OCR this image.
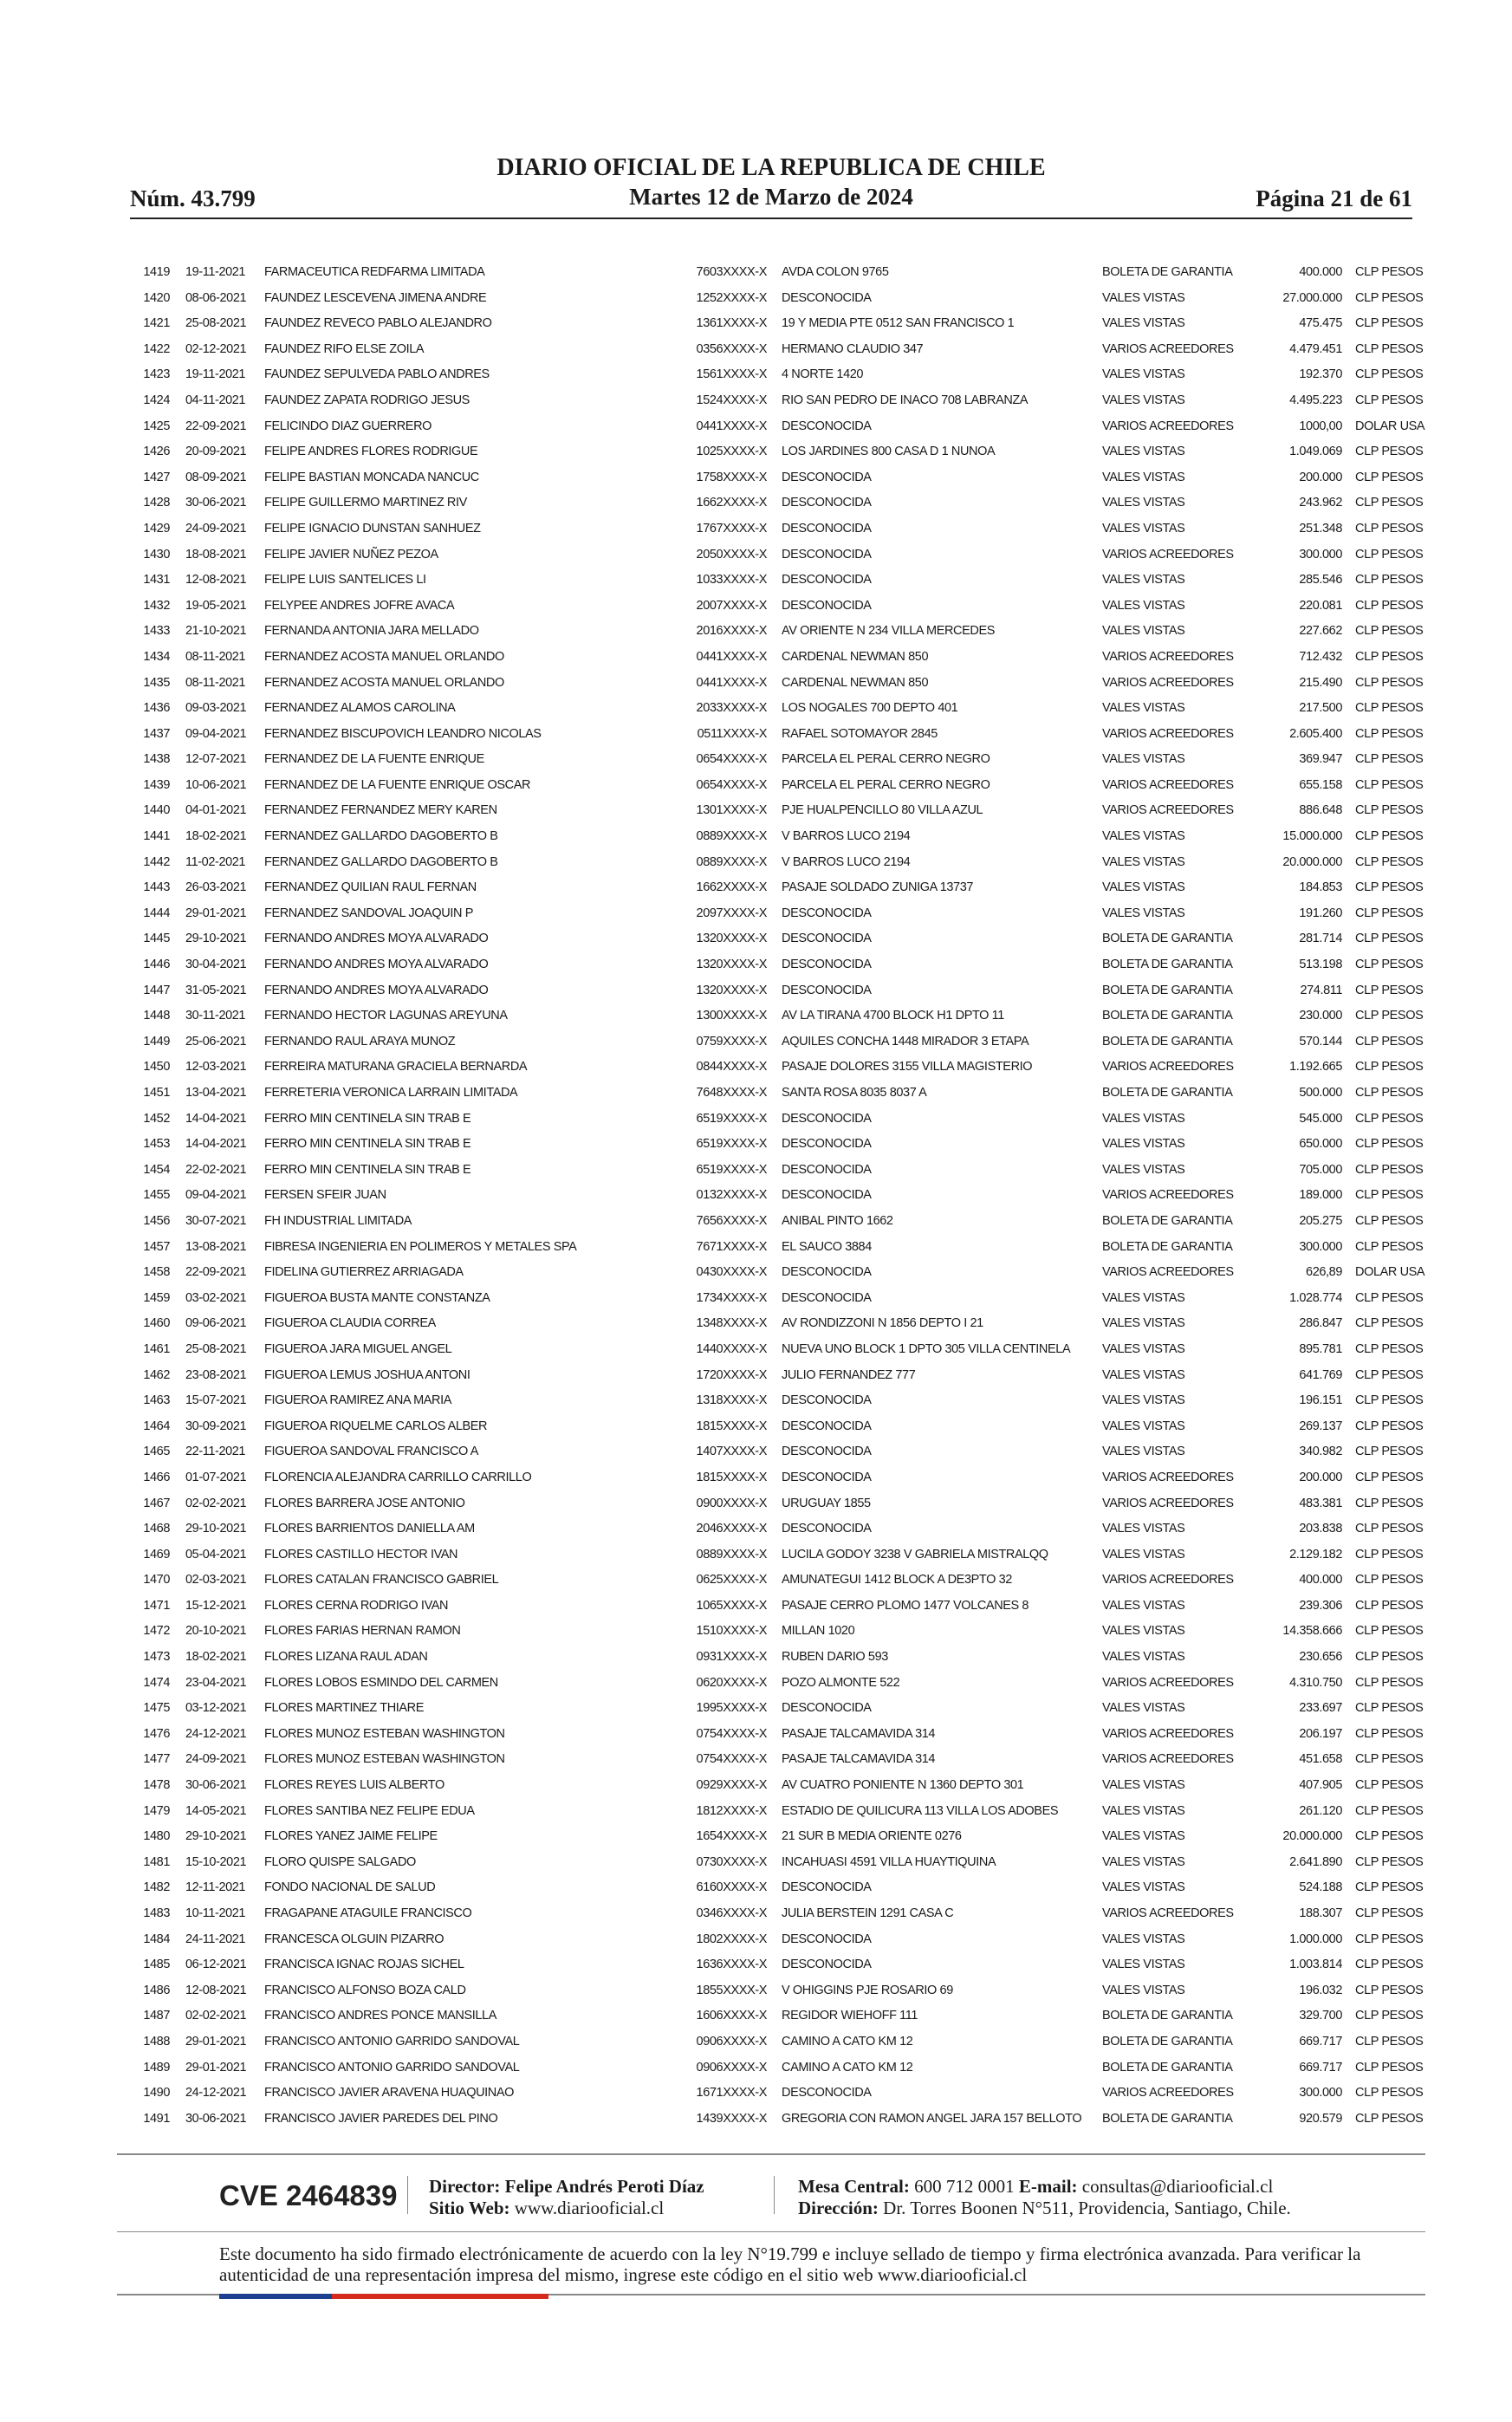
DIARIO OFICIAL DE LA REPUBLICA DE CHILE
Núm. 43.799	Martes 12 de Marzo de 2024	Página 21 de 61
1419 19-11-2021 FARMACEUTICA REDFARMA LIMITADA	7603XXXX-X AVDA COLON 9765	BOLETA DE GARANTIA	400.000 CLP PESOS
1420 08-06-2021 FAUNDEZ LESCEVENA JIMENA ANDRE	1252XXXX-X DESCONOCIDA	VALES VISTAS	27.000.000 CLP PESOS
1421 25-08-2021 FAUNDEZ REVECO PABLO ALEJANDRO	1361XXXX-X 19 Y MEDIA PTE 0512 SAN FRANCISCO 1	VALES VISTAS	475.475 CLP PESOS
1422 02-12-2021 FAUNDEZ RIFO ELSE ZOILA	0356XXXX-X HERMANO CLAUDIO 347	VARIOS ACREEDORES	4.479.451 CLP PESOS
1423 19-11-2021 FAUNDEZ SEPULVEDA PABLO ANDRES	1561XXXX-X 4 NORTE 1420	VALES VISTAS	192.370 CLP PESOS
1424 04-11-2021 FAUNDEZ ZAPATA RODRIGO JESUS	1524XXXX-X RIO SAN PEDRO DE INACO 708 LABRANZA	VALES VISTAS	4.495.223 CLP PESOS
1425 22-09-2021 FELICINDO DIAZ GUERRERO	0441XXXX-X DESCONOCIDA	VARIOS ACREEDORES	1000,00 DOLAR USA
1426 20-09-2021 FELIPE ANDRES FLORES RODRIGUE	1025XXXX-X LOS JARDINES 800 CASA D 1 NUNOA	VALES VISTAS	1.049.069 CLP PESOS
1427 08-09-2021 FELIPE BASTIAN MONCADA NANCUC	1758XXXX-X DESCONOCIDA	VALES VISTAS	200.000 CLP PESOS
1428 30-06-2021 FELIPE GUILLERMO MARTINEZ RIV	1662XXXX-X DESCONOCIDA	VALES VISTAS	243.962 CLP PESOS
1429 24-09-2021 FELIPE IGNACIO DUNSTAN SANHUEZ	1767XXXX-X DESCONOCIDA	VALES VISTAS	251.348 CLP PESOS
1430 18-08-2021 FELIPE JAVIER NUÑEZ PEZOA	2050XXXX-X DESCONOCIDA	VARIOS ACREEDORES	300.000 CLP PESOS
1431 12-08-2021 FELIPE LUIS SANTELICES LI	1033XXXX-X DESCONOCIDA	VALES VISTAS	285.546 CLP PESOS
1432 19-05-2021 FELYPEE ANDRES JOFRE AVACA	2007XXXX-X DESCONOCIDA	VALES VISTAS	220.081 CLP PESOS
1433 21-10-2021 FERNANDA ANTONIA JARA MELLADO	2016XXXX-X AV ORIENTE N 234 VILLA MERCEDES	VALES VISTAS	227.662 CLP PESOS
1434 08-11-2021 FERNANDEZ ACOSTA MANUEL ORLANDO	0441XXXX-X CARDENAL NEWMAN 850	VARIOS ACREEDORES	712.432 CLP PESOS
1435 08-11-2021 FERNANDEZ ACOSTA MANUEL ORLANDO	0441XXXX-X CARDENAL NEWMAN 850	VARIOS ACREEDORES	215.490 CLP PESOS
1436 09-03-2021 FERNANDEZ ALAMOS CAROLINA	2033XXXX-X LOS NOGALES 700 DEPTO 401	VALES VISTAS	217.500 CLP PESOS
1437 09-04-2021 FERNANDEZ BISCUPOVICH LEANDRO NICOLAS	0511XXXX-X RAFAEL SOTOMAYOR 2845	VARIOS ACREEDORES	2.605.400 CLP PESOS
1438 12-07-2021 FERNANDEZ DE LA FUENTE ENRIQUE	0654XXXX-X PARCELA EL PERAL CERRO NEGRO	VALES VISTAS	369.947 CLP PESOS
1439 10-06-2021 FERNANDEZ DE LA FUENTE ENRIQUE OSCAR	0654XXXX-X PARCELA EL PERAL CERRO NEGRO	VARIOS ACREEDORES	655.158 CLP PESOS
1440 04-01-2021 FERNANDEZ FERNANDEZ MERY KAREN	1301XXXX-X PJE HUALPENCILLO 80 VILLA AZUL	VARIOS ACREEDORES	886.648 CLP PESOS
1441 18-02-2021 FERNANDEZ GALLARDO DAGOBERTO B	0889XXXX-X V BARROS LUCO 2194	VALES VISTAS	15.000.000 CLP PESOS
1442 11-02-2021 FERNANDEZ GALLARDO DAGOBERTO B	0889XXXX-X V BARROS LUCO 2194	VALES VISTAS	20.000.000 CLP PESOS
1443 26-03-2021 FERNANDEZ QUILIAN RAUL FERNAN	1662XXXX-X PASAJE SOLDADO ZUNIGA 13737	VALES VISTAS	184.853 CLP PESOS
1444 29-01-2021 FERNANDEZ SANDOVAL JOAQUIN P	2097XXXX-X DESCONOCIDA	VALES VISTAS	191.260 CLP PESOS
1445 29-10-2021 FERNANDO ANDRES MOYA ALVARADO	1320XXXX-X DESCONOCIDA	BOLETA DE GARANTIA	281.714 CLP PESOS
1446 30-04-2021 FERNANDO ANDRES MOYA ALVARADO	1320XXXX-X DESCONOCIDA	BOLETA DE GARANTIA	513.198 CLP PESOS
1447 31-05-2021 FERNANDO ANDRES MOYA ALVARADO	1320XXXX-X DESCONOCIDA	BOLETA DE GARANTIA	274.811 CLP PESOS
1448 30-11-2021 FERNANDO HECTOR LAGUNAS AREYUNA	1300XXXX-X AV LA TIRANA 4700 BLOCK H1 DPTO 11	BOLETA DE GARANTIA	230.000 CLP PESOS
1449 25-06-2021 FERNANDO RAUL ARAYA MUNOZ	0759XXXX-X AQUILES CONCHA 1448 MIRADOR 3 ETAPA	BOLETA DE GARANTIA	570.144 CLP PESOS
1450 12-03-2021 FERREIRA MATURANA GRACIELA BERNARDA	0844XXXX-X PASAJE DOLORES 3155 VILLA MAGISTERIO	VARIOS ACREEDORES	1.192.665 CLP PESOS
1451 13-04-2021 FERRETERIA VERONICA LARRAIN LIMITADA	7648XXXX-X SANTA ROSA 8035 8037 A	BOLETA DE GARANTIA	500.000 CLP PESOS
1452 14-04-2021 FERRO MIN CENTINELA SIN TRAB E	6519XXXX-X DESCONOCIDA	VALES VISTAS	545.000 CLP PESOS
1453 14-04-2021 FERRO MIN CENTINELA SIN TRAB E	6519XXXX-X DESCONOCIDA	VALES VISTAS	650.000 CLP PESOS
1454 22-02-2021 FERRO MIN CENTINELA SIN TRAB E	6519XXXX-X DESCONOCIDA	VALES VISTAS	705.000 CLP PESOS
1455 09-04-2021 FERSEN SFEIR JUAN	0132XXXX-X DESCONOCIDA	VARIOS ACREEDORES	189.000 CLP PESOS
1456 30-07-2021 FH INDUSTRIAL LIMITADA	7656XXXX-X ANIBAL PINTO 1662	BOLETA DE GARANTIA	205.275 CLP PESOS
1457 13-08-2021 FIBRESA INGENIERIA EN POLIMEROS Y METALES SPA	7671XXXX-X EL SAUCO 3884	BOLETA DE GARANTIA	300.000 CLP PESOS
1458 22-09-2021 FIDELINA GUTIERREZ ARRIAGADA	0430XXXX-X DESCONOCIDA	VARIOS ACREEDORES	626,89 DOLAR USA
1459 03-02-2021 FIGUEROA BUSTA MANTE CONSTANZA	1734XXXX-X DESCONOCIDA	VALES VISTAS	1.028.774 CLP PESOS
1460 09-06-2021 FIGUEROA CLAUDIA CORREA	1348XXXX-X AV RONDIZZONI N 1856 DEPTO I 21	VALES VISTAS	286.847 CLP PESOS
1461 25-08-2021 FIGUEROA JARA MIGUEL ANGEL	1440XXXX-X NUEVA UNO BLOCK 1 DPTO 305 VILLA CENTINELA	VALES VISTAS	895.781 CLP PESOS
1462 23-08-2021 FIGUEROA LEMUS JOSHUA ANTONI	1720XXXX-X JULIO FERNANDEZ 777	VALES VISTAS	641.769 CLP PESOS
1463 15-07-2021 FIGUEROA RAMIREZ ANA MARIA	1318XXXX-X DESCONOCIDA	VALES VISTAS	196.151 CLP PESOS
1464 30-09-2021 FIGUEROA RIQUELME CARLOS ALBER	1815XXXX-X DESCONOCIDA	VALES VISTAS	269.137 CLP PESOS
1465 22-11-2021 FIGUEROA SANDOVAL FRANCISCO A	1407XXXX-X DESCONOCIDA	VALES VISTAS	340.982 CLP PESOS
1466 01-07-2021 FLORENCIA ALEJANDRA CARRILLO CARRILLO	1815XXXX-X DESCONOCIDA	VARIOS ACREEDORES	200.000 CLP PESOS
1467 02-02-2021 FLORES BARRERA JOSE ANTONIO	0900XXXX-X URUGUAY 1855	VARIOS ACREEDORES	483.381 CLP PESOS
1468 29-10-2021 FLORES BARRIENTOS DANIELLA AM	2046XXXX-X DESCONOCIDA	VALES VISTAS	203.838 CLP PESOS
1469 05-04-2021 FLORES CASTILLO HECTOR IVAN	0889XXXX-X LUCILA GODOY 3238 V GABRIELA MISTRALQQ	VALES VISTAS	2.129.182 CLP PESOS
1470 02-03-2021 FLORES CATALAN FRANCISCO GABRIEL	0625XXXX-X AMUNATEGUI 1412 BLOCK A DE3PTO 32	VARIOS ACREEDORES	400.000 CLP PESOS
1471 15-12-2021 FLORES CERNA RODRIGO IVAN	1065XXXX-X PASAJE CERRO PLOMO 1477 VOLCANES 8	VALES VISTAS	239.306 CLP PESOS
1472 20-10-2021 FLORES FARIAS HERNAN RAMON	1510XXXX-X MILLAN 1020	VALES VISTAS	14.358.666 CLP PESOS
1473 18-02-2021 FLORES LIZANA RAUL ADAN	0931XXXX-X RUBEN DARIO 593	VALES VISTAS	230.656 CLP PESOS
1474 23-04-2021 FLORES LOBOS ESMINDO DEL CARMEN	0620XXXX-X POZO ALMONTE 522	VARIOS ACREEDORES	4.310.750 CLP PESOS
1475 03-12-2021 FLORES MARTINEZ THIARE	1995XXXX-X DESCONOCIDA	VALES VISTAS	233.697 CLP PESOS
1476 24-12-2021 FLORES MUNOZ ESTEBAN WASHINGTON	0754XXXX-X PASAJE TALCAMAVIDA 314	VARIOS ACREEDORES	206.197 CLP PESOS
1477 24-09-2021 FLORES MUNOZ ESTEBAN WASHINGTON	0754XXXX-X PASAJE TALCAMAVIDA 314	VARIOS ACREEDORES	451.658 CLP PESOS
1478 30-06-2021 FLORES REYES LUIS ALBERTO	0929XXXX-X AV CUATRO PONIENTE N 1360 DEPTO 301	VALES VISTAS	407.905 CLP PESOS
1479 14-05-2021 FLORES SANTIBA NEZ FELIPE EDUA	1812XXXX-X ESTADIO DE QUILICURA 113 VILLA LOS ADOBES	VALES VISTAS	261.120 CLP PESOS
1480 29-10-2021 FLORES YANEZ JAIME FELIPE	1654XXXX-X 21 SUR B MEDIA ORIENTE 0276	VALES VISTAS	20.000.000 CLP PESOS
1481 15-10-2021 FLORO QUISPE SALGADO	0730XXXX-X INCAHUASI 4591 VILLA HUAYTIQUINA	VALES VISTAS	2.641.890 CLP PESOS
1482 12-11-2021 FONDO NACIONAL DE SALUD	6160XXXX-X DESCONOCIDA	VALES VISTAS	524.188 CLP PESOS
1483 10-11-2021 FRAGAPANE ATAGUILE FRANCISCO	0346XXXX-X JULIA BERSTEIN 1291 CASA C	VARIOS ACREEDORES	188.307 CLP PESOS
1484 24-11-2021 FRANCESCA OLGUIN PIZARRO	1802XXXX-X DESCONOCIDA	VALES VISTAS	1.000.000 CLP PESOS
1485 06-12-2021 FRANCISCA IGNAC ROJAS SICHEL	1636XXXX-X DESCONOCIDA	VALES VISTAS	1.003.814 CLP PESOS
1486 12-08-2021 FRANCISCO ALFONSO BOZA CALD	1855XXXX-X V OHIGGINS PJE ROSARIO 69	VALES VISTAS	196.032 CLP PESOS
1487 02-02-2021 FRANCISCO ANDRES PONCE MANSILLA	1606XXXX-X REGIDOR WIEHOFF 111	BOLETA DE GARANTIA	329.700 CLP PESOS
1488 29-01-2021 FRANCISCO ANTONIO GARRIDO SANDOVAL	0906XXXX-X CAMINO A CATO KM 12	BOLETA DE GARANTIA	669.717 CLP PESOS
1489 29-01-2021 FRANCISCO ANTONIO GARRIDO SANDOVAL	0906XXXX-X CAMINO A CATO KM 12	BOLETA DE GARANTIA	669.717 CLP PESOS
1490 24-12-2021 FRANCISCO JAVIER ARAVENA HUAQUINAO	1671XXXX-X DESCONOCIDA	VARIOS ACREEDORES	300.000 CLP PESOS
1491 30-06-2021 FRANCISCO JAVIER PAREDES DEL PINO	1439XXXX-X GREGORIA CON RAMON ANGEL JARA 157 BELLOTO BOLETA DE GARANTIA	920.579 CLP PESOS
CVE 2464839 Director: Felipe Andrés Peroti Díaz
Sitio Web: www.diariooficial.cl
Mesa Central: 600 712 0001 E-mail: consultas@diariooficial.cl
Dirección: Dr. Torres Boonen N°511, Providencia, Santiago, Chile.
Este documento ha sido firmado electrónicamente de acuerdo con la ley N°19.799 e incluye sellado de tiempo y firma electrónica avanzada. Para verificar la autenticidad de una representación impresa del mismo, ingrese este código en el sitio web www.diariooficial.cl
